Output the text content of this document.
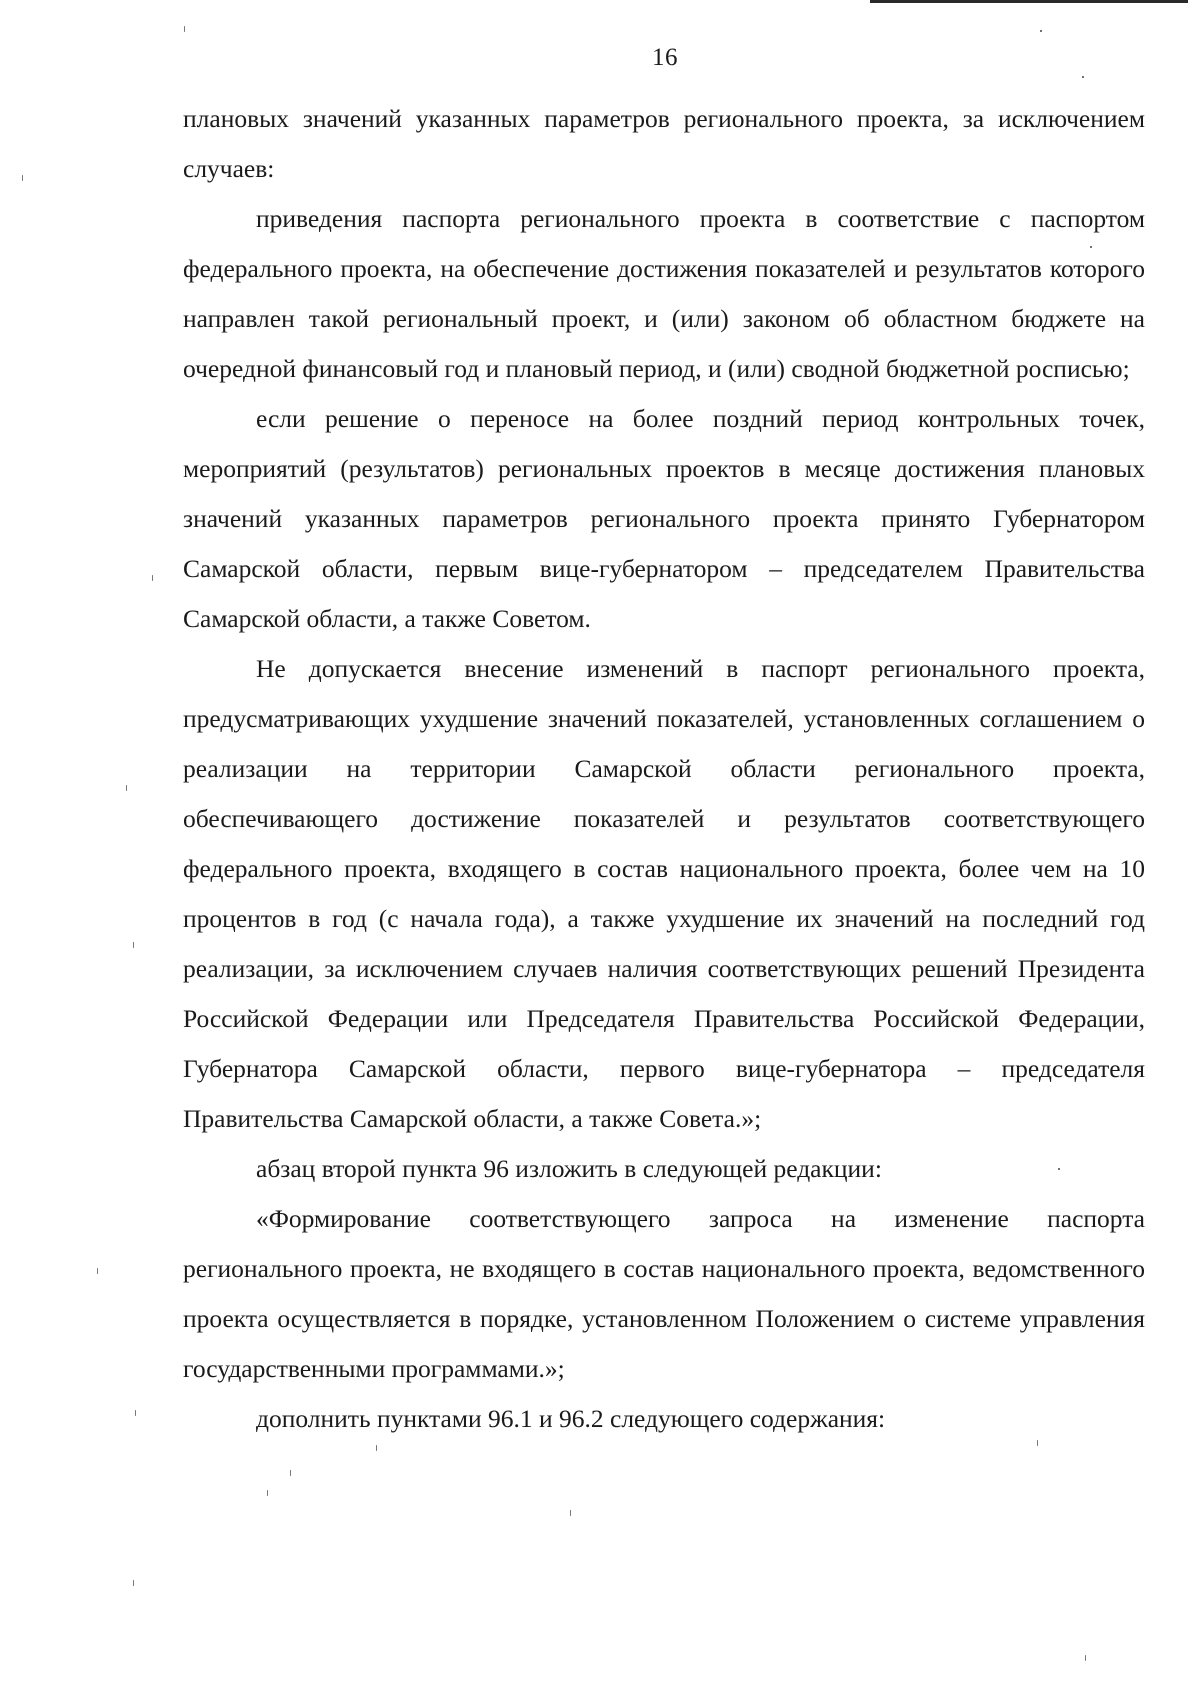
16

плановых значений указанных параметров регионального проекта, за исключением случаев:

приведения паспорта регионального проекта в соответствие с паспортом федерального проекта, на обеспечение достижения показателей и результатов которого направлен такой региональный проект, и (или) законом об областном бюджете на очередной финансовый год и плановый период, и (или) сводной бюджетной росписью;

если решение о переносе на более поздний период контрольных точек, мероприятий (результатов) региональных проектов в месяце достижения плановых значений указанных параметров регионального проекта принято Губернатором Самарской области, первым вице-губернатором – председателем Правительства Самарской области, а также Советом.

Не допускается внесение изменений в паспорт регионального проекта, предусматривающих ухудшение значений показателей, установленных соглашением о реализации на территории Самарской области регионального проекта, обеспечивающего достижение показателей и результатов соответствующего федерального проекта, входящего в состав национального проекта, более чем на 10 процентов в год (с начала года), а также ухудшение их значений на последний год реализации, за исключением случаев наличия соответствующих решений Президента Российской Федерации или Председателя Правительства Российской Федерации, Губернатора Самарской области, первого вице-губернатора – председателя Правительства Самарской области, а также Совета.»;

абзац второй пункта 96 изложить в следующей редакции:

«Формирование соответствующего запроса на изменение паспорта регионального проекта, не входящего в состав национального проекта, ведомственного проекта осуществляется в порядке, установленном Положением о системе управления государственными программами.»;

дополнить пунктами 96.1 и 96.2 следующего содержания:
